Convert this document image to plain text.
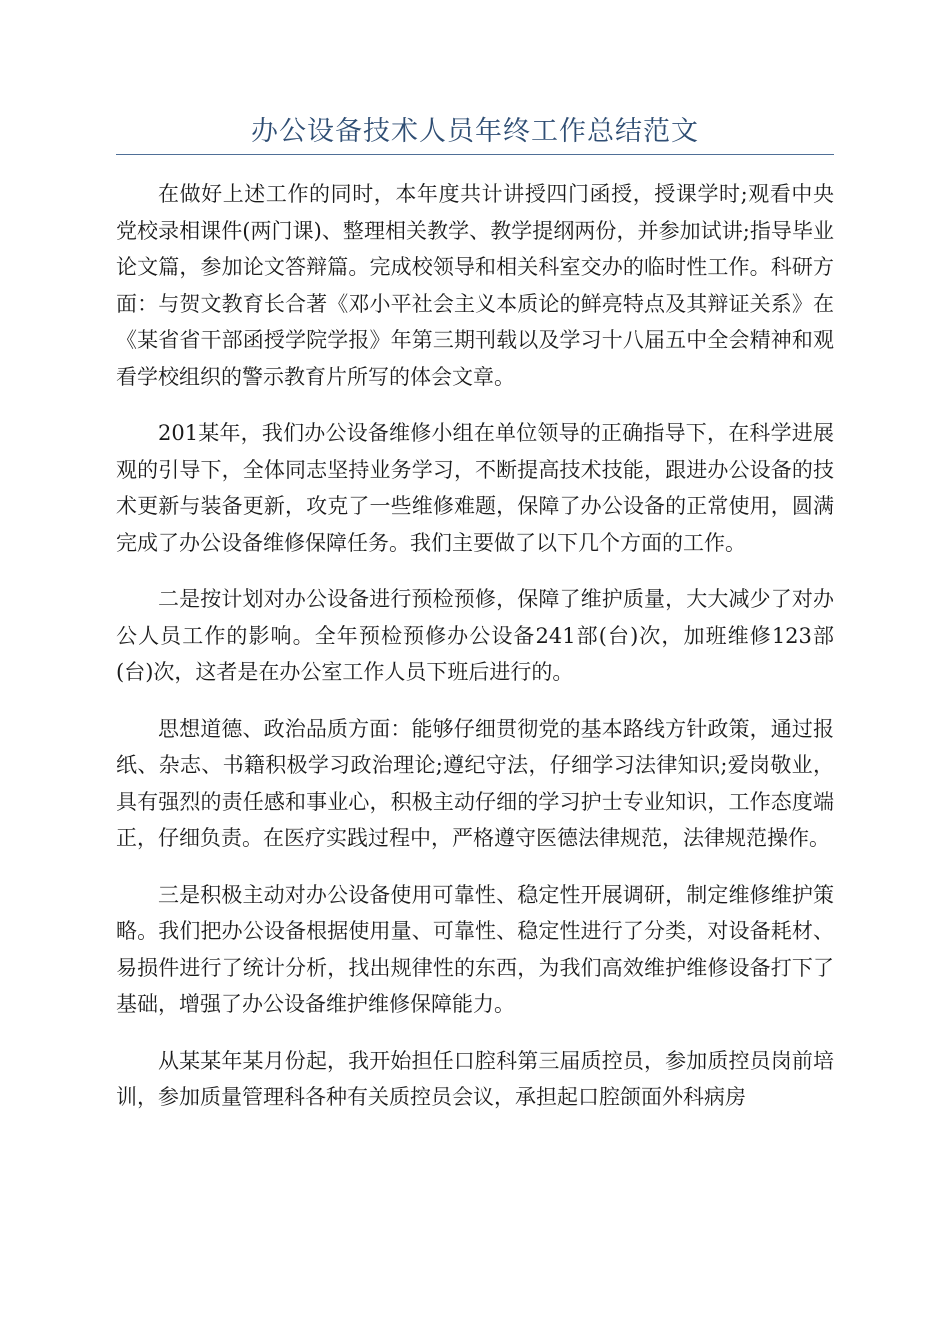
办公设备技术人员年终工作总结范文

在做好上述工作的同时，本年度共计讲授四门函授，授课学时;观看中央党校录相课件(两门课)、整理相关教学、教学提纲两份，并参加试讲;指导毕业论文篇，参加论文答辩篇。完成校领导和相关科室交办的临时性工作。科研方面：与贺文教育长合著《邓小平社会主义本质论的鲜亮特点及其辩证关系》在《某省省干部函授学院学报》年第三期刊载以及学习十八届五中全会精神和观看学校组织的警示教育片所写的体会文章。

201某年，我们办公设备维修小组在单位领导的正确指导下，在科学进展观的引导下，全体同志坚持业务学习，不断提高技术技能，跟进办公设备的技术更新与装备更新，攻克了一些维修难题，保障了办公设备的正常使用，圆满完成了办公设备维修保障任务。我们主要做了以下几个方面的工作。

二是按计划对办公设备进行预检预修，保障了维护质量，大大减少了对办公人员工作的影响。全年预检预修办公设备241部(台)次，加班维修123部(台)次，这者是在办公室工作人员下班后进行的。

思想道德、政治品质方面：能够仔细贯彻党的基本路线方针政策，通过报纸、杂志、书籍积极学习政治理论;遵纪守法，仔细学习法律知识;爱岗敬业，具有强烈的责任感和事业心，积极主动仔细的学习护士专业知识，工作态度端正，仔细负责。在医疗实践过程中，严格遵守医德法律规范，法律规范操作。

三是积极主动对办公设备使用可靠性、稳定性开展调研，制定维修维护策略。我们把办公设备根据使用量、可靠性、稳定性进行了分类，对设备耗材、易损件进行了统计分析，找出规律性的东西，为我们高效维护维修设备打下了基础，增强了办公设备维护维修保障能力。

从某某年某月份起，我开始担任口腔科第三届质控员，参加质控员岗前培训，参加质量管理科各种有关质控员会议，承担起口腔颌面外科病房
